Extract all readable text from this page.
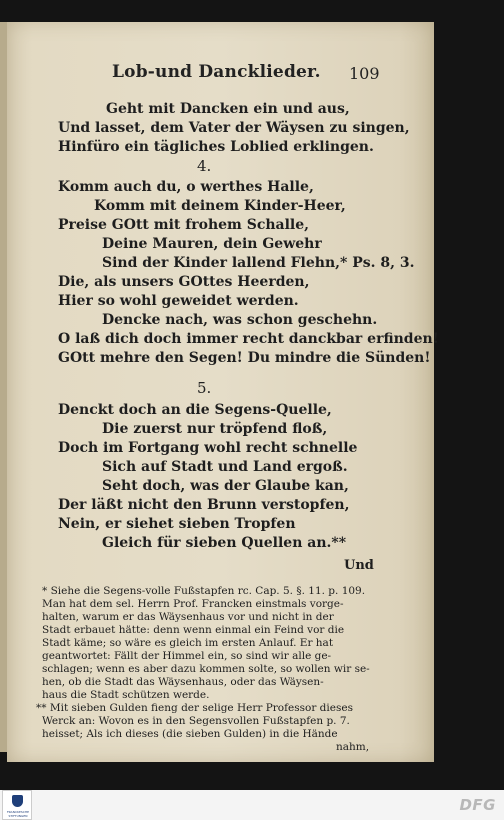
Lob-und Dancklieder. 109
Geht mit Dancken ein und aus,
Und lasset, dem Vater der Wäysen zu singen,
Hinfüro ein tägliches Loblied erklingen.
4.
Komm auch du, o werthes Halle,
Komm mit deinem Kinder-Heer,
Preise GOtt mit frohem Schalle,
Deine Mauren, dein Gewehr
Sind der Kinder lallend Flehn,* Ps. 8, 3.
Die, als unsers GOttes Heerden,
Hier so wohl geweidet werden.
Dencke nach, was schon geschehn.
O laß dich doch immer recht danckbar erfinden!
GOtt mehre den Segen! Du mindre die Sünden!
5.
Denckt doch an die Segens-Quelle,
Die zuerst nur tröpfend floß,
Doch im Fortgang wohl recht schnelle
Sich auf Stadt und Land ergoß.
Seht doch, was der Glaube kan,
Der läßt nicht den Brunn verstopfen,
Nein, er siehet sieben Tropfen
Gleich für sieben Quellen an.**
Und
* Siehe die Segens-volle Fußstapfen rc. Cap. 5. §. 11. p. 109.
Man hat dem sel. Herrn Prof. Francken einstmals vorge-
halten, warum er das Wäysenhaus vor und nicht in der
Stadt erbauet hätte: denn wenn einmal ein Feind vor die
Stadt käme; so wäre es gleich im ersten Anlauf. Er hat
geantwortet: Fällt der Himmel ein, so sind wir alle ge-
schlagen; wenn es aber dazu kommen solte, so wollen wir se-
hen, ob die Stadt das Wäysenhaus, oder das Wäysen-
haus die Stadt schützen werde.
** Mit sieben Gulden fieng der selige Herr Professor dieses
Werck an: Wovon es in den Segensvollen Fußstapfen p. 7.
heisset; Als ich dieses (die sieben Gulden) in die Hände
nahm,
FRANCKESCHE STIFTUNGEN
DFG
